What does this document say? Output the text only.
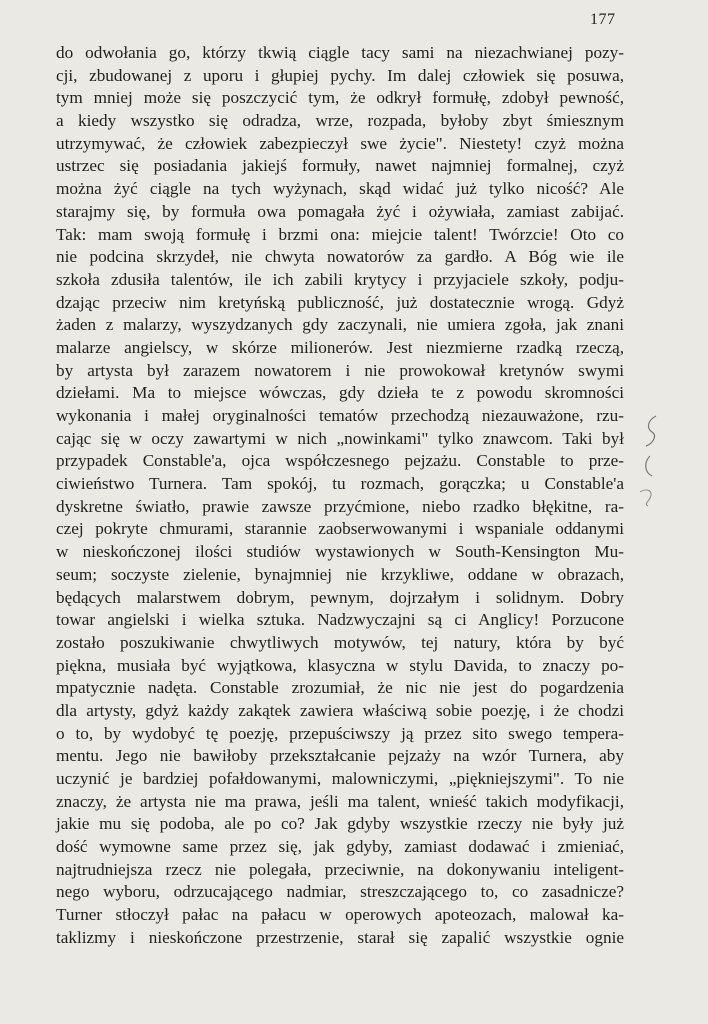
177
do odwołania go, którzy tkwią ciągle tacy sami na niezachwianej pozy-
cji, zbudowanej z uporu i głupiej pychy. Im dalej człowiek się posuwa,
tym mniej może się poszczycić tym, że odkrył formułę, zdobył pewność,
a kiedy wszystko się odradza, wrze, rozpada, byłoby zbyt śmiesznym
utrzymywać, że człowiek zabezpieczył swe życie". Niestety! czyż można
ustrzec się posiadania jakiejś formuły, nawet najmniej formalnej, czyż
można żyć ciągle na tych wyżynach, skąd widać już tylko nicość? Ale
starajmy się, by formuła owa pomagała żyć i ożywiała, zamiast zabijać.
Tak: mam swoją formułę i brzmi ona: miejcie talent! Twórzcie! Oto co
nie podcina skrzydeł, nie chwyta nowatorów za gardło. A Bóg wie ile
szkoła zdusiła talentów, ile ich zabili krytycy i przyjaciele szkoły, podju-
dzając przeciw nim kretyńską publiczność, już dostatecznie wrogą. Gdyż
żaden z malarzy, wyszydzanych gdy zaczynali, nie umiera zgoła, jak znani
malarze angielscy, w skórze milionerów. Jest niezmierne rzadką rzeczą,
by artysta był zarazem nowatorem i nie prowokował kretynów swymi
dziełami. Ma to miejsce wówczas, gdy dzieła te z powodu skromności
wykonania i małej oryginalności tematów przechodzą niezauważone, rzu-
cając się w oczy zawartymi w nich „nowinkami" tylko znawcom. Taki był
przypadek Constable'a, ojca współczesnego pejzażu. Constable to prze-
ciwieństwo Turnera. Tam spokój, tu rozmach, gorączka; u Constable'a
dyskretne światło, prawie zawsze przyćmione, niebo rzadko błękitne, ra-
czej pokryte chmurami, starannie zaobserwowanymi i wspaniale oddanymi
w nieskończonej ilości studiów wystawionych w South-Kensington Mu-
seum; soczyste zielenie, bynajmniej nie krzykliwe, oddane w obrazach,
będących malarstwem dobrym, pewnym, dojrzałym i solidnym. Dobry
towar angielski i wielka sztuka. Nadzwyczajni są ci Anglicy! Porzucone
zostało poszukiwanie chwytliwych motywów, tej natury, która by być
piękna, musiała być wyjątkowa, klasyczna w stylu Davida, to znaczy po-
mpatycznie nadęta. Constable zrozumiał, że nic nie jest do pogardzenia
dla artysty, gdyż każdy zakątek zawiera właściwą sobie poezję, i że chodzi
o to, by wydobyć tę poezję, przepuściwszy ją przez sito swego tempera-
mentu. Jego nie bawiłoby przekształcanie pejzaży na wzór Turnera, aby
uczynić je bardziej pofałdowanymi, malowniczymi, „piękniejszymi". To nie
znaczy, że artysta nie ma prawa, jeśli ma talent, wnieść takich modyfikacji,
jakie mu się podoba, ale po co? Jak gdyby wszystkie rzeczy nie były już
dość wymowne same przez się, jak gdyby, zamiast dodawać i zmieniać,
najtrudniejsza rzecz nie polegała, przeciwnie, na dokonywaniu inteligent-
nego wyboru, odrzucającego nadmiar, streszczającego to, co zasadnicze?
Turner stłoczył pałac na pałacu w operowych apoteozach, malował ka-
taklizmy i nieskończone przestrzenie, starał się zapalić wszystkie ognie
